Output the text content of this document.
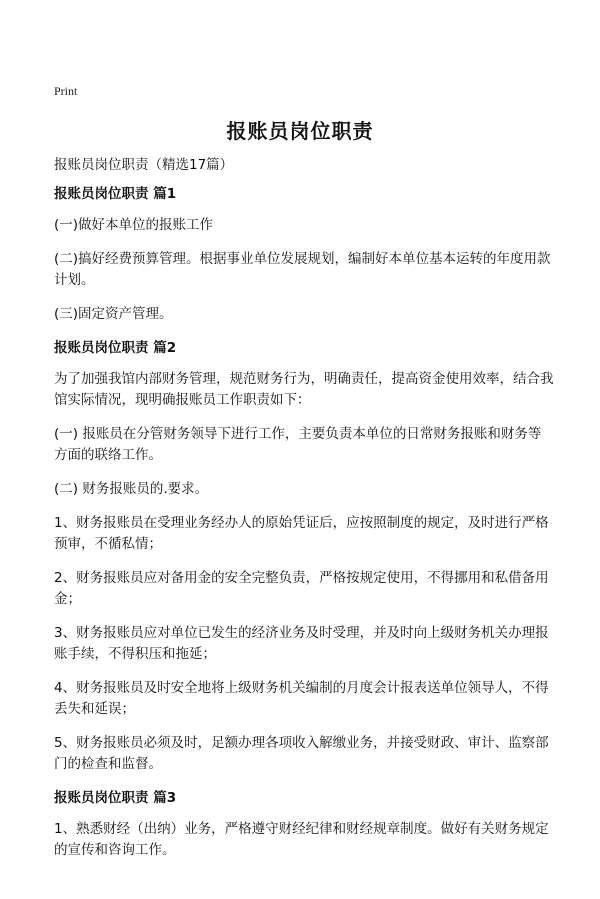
Print
报账员岗位职责
报账员岗位职责（精选17篇）
报账员岗位职责 篇1
(一)做好本单位的报账工作
(二)搞好经费预算管理。根据事业单位发展规划，编制好本单位基本运转的年度用款计划。
(三)固定资产管理。
报账员岗位职责 篇2
为了加强我馆内部财务管理，规范财务行为，明确责任，提高资金使用效率，结合我馆实际情况，现明确报账员工作职责如下：
(一) 报账员在分管财务领导下进行工作，主要负责本单位的日常财务报账和财务等方面的联络工作。
(二) 财务报账员的.要求。
1、财务报账员在受理业务经办人的原始凭证后，应按照制度的规定，及时进行严格预审，不循私情；
2、财务报账员应对备用金的安全完整负责，严格按规定使用，不得挪用和私借备用金；
3、财务报账员应对单位已发生的经济业务及时受理，并及时向上级财务机关办理报账手续，不得积压和拖延；
4、财务报账员及时安全地将上级财务机关编制的月度会计报表送单位领导人，不得丢失和延误；
5、财务报账员必须及时，足额办理各项收入解缴业务，并接受财政、审计、监察部门的检查和监督。
报账员岗位职责 篇3
1、熟悉财经（出纳）业务，严格遵守财经纪律和财经规章制度。做好有关财务规定的宣传和咨询工作。
